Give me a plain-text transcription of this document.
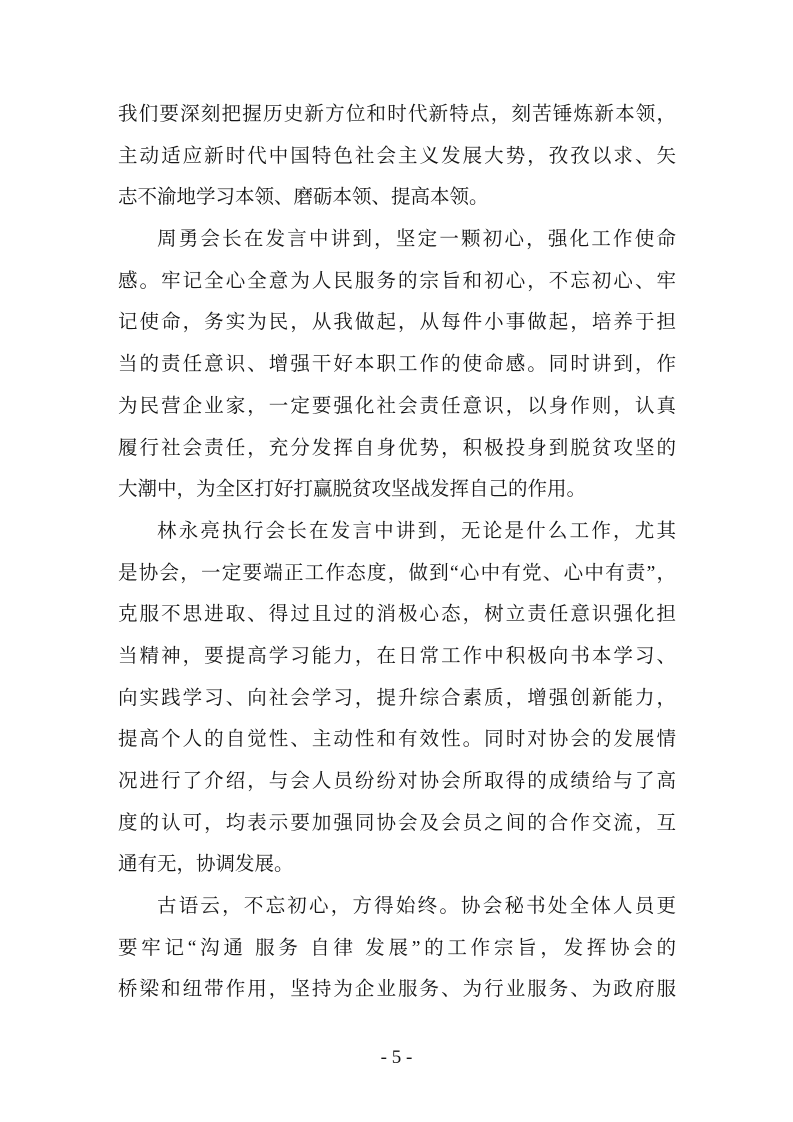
我们要深刻把握历史新方位和时代新特点，刻苦锤炼新本领，
主动适应新时代中国特色社会主义发展大势，孜孜以求、矢
志不渝地学习本领、磨砺本领、提高本领。
周勇会长在发言中讲到，坚定一颗初心，强化工作使命
感。牢记全心全意为人民服务的宗旨和初心，不忘初心、牢
记使命，务实为民，从我做起，从每件小事做起，培养于担
当的责任意识、增强干好本职工作的使命感。同时讲到，作
为民营企业家，一定要强化社会责任意识，以身作则，认真
履行社会责任，充分发挥自身优势，积极投身到脱贫攻坚的
大潮中，为全区打好打赢脱贫攻坚战发挥自己的作用。
林永亮执行会长在发言中讲到，无论是什么工作，尤其
是协会，一定要端正工作态度，做到“心中有党、心中有责”，
克服不思进取、得过且过的消极心态，树立责任意识强化担
当精神，要提高学习能力，在日常工作中积极向书本学习、
向实践学习、向社会学习，提升综合素质，增强创新能力，
提高个人的自觉性、主动性和有效性。同时对协会的发展情
况进行了介绍，与会人员纷纷对协会所取得的成绩给与了高
度的认可，均表示要加强同协会及会员之间的合作交流，互
通有无，协调发展。
古语云，不忘初心，方得始终。协会秘书处全体人员更
要牢记“沟通 服务 自律 发展”的工作宗旨，发挥协会的
桥梁和纽带作用，坚持为企业服务、为行业服务、为政府服
- 5 -
